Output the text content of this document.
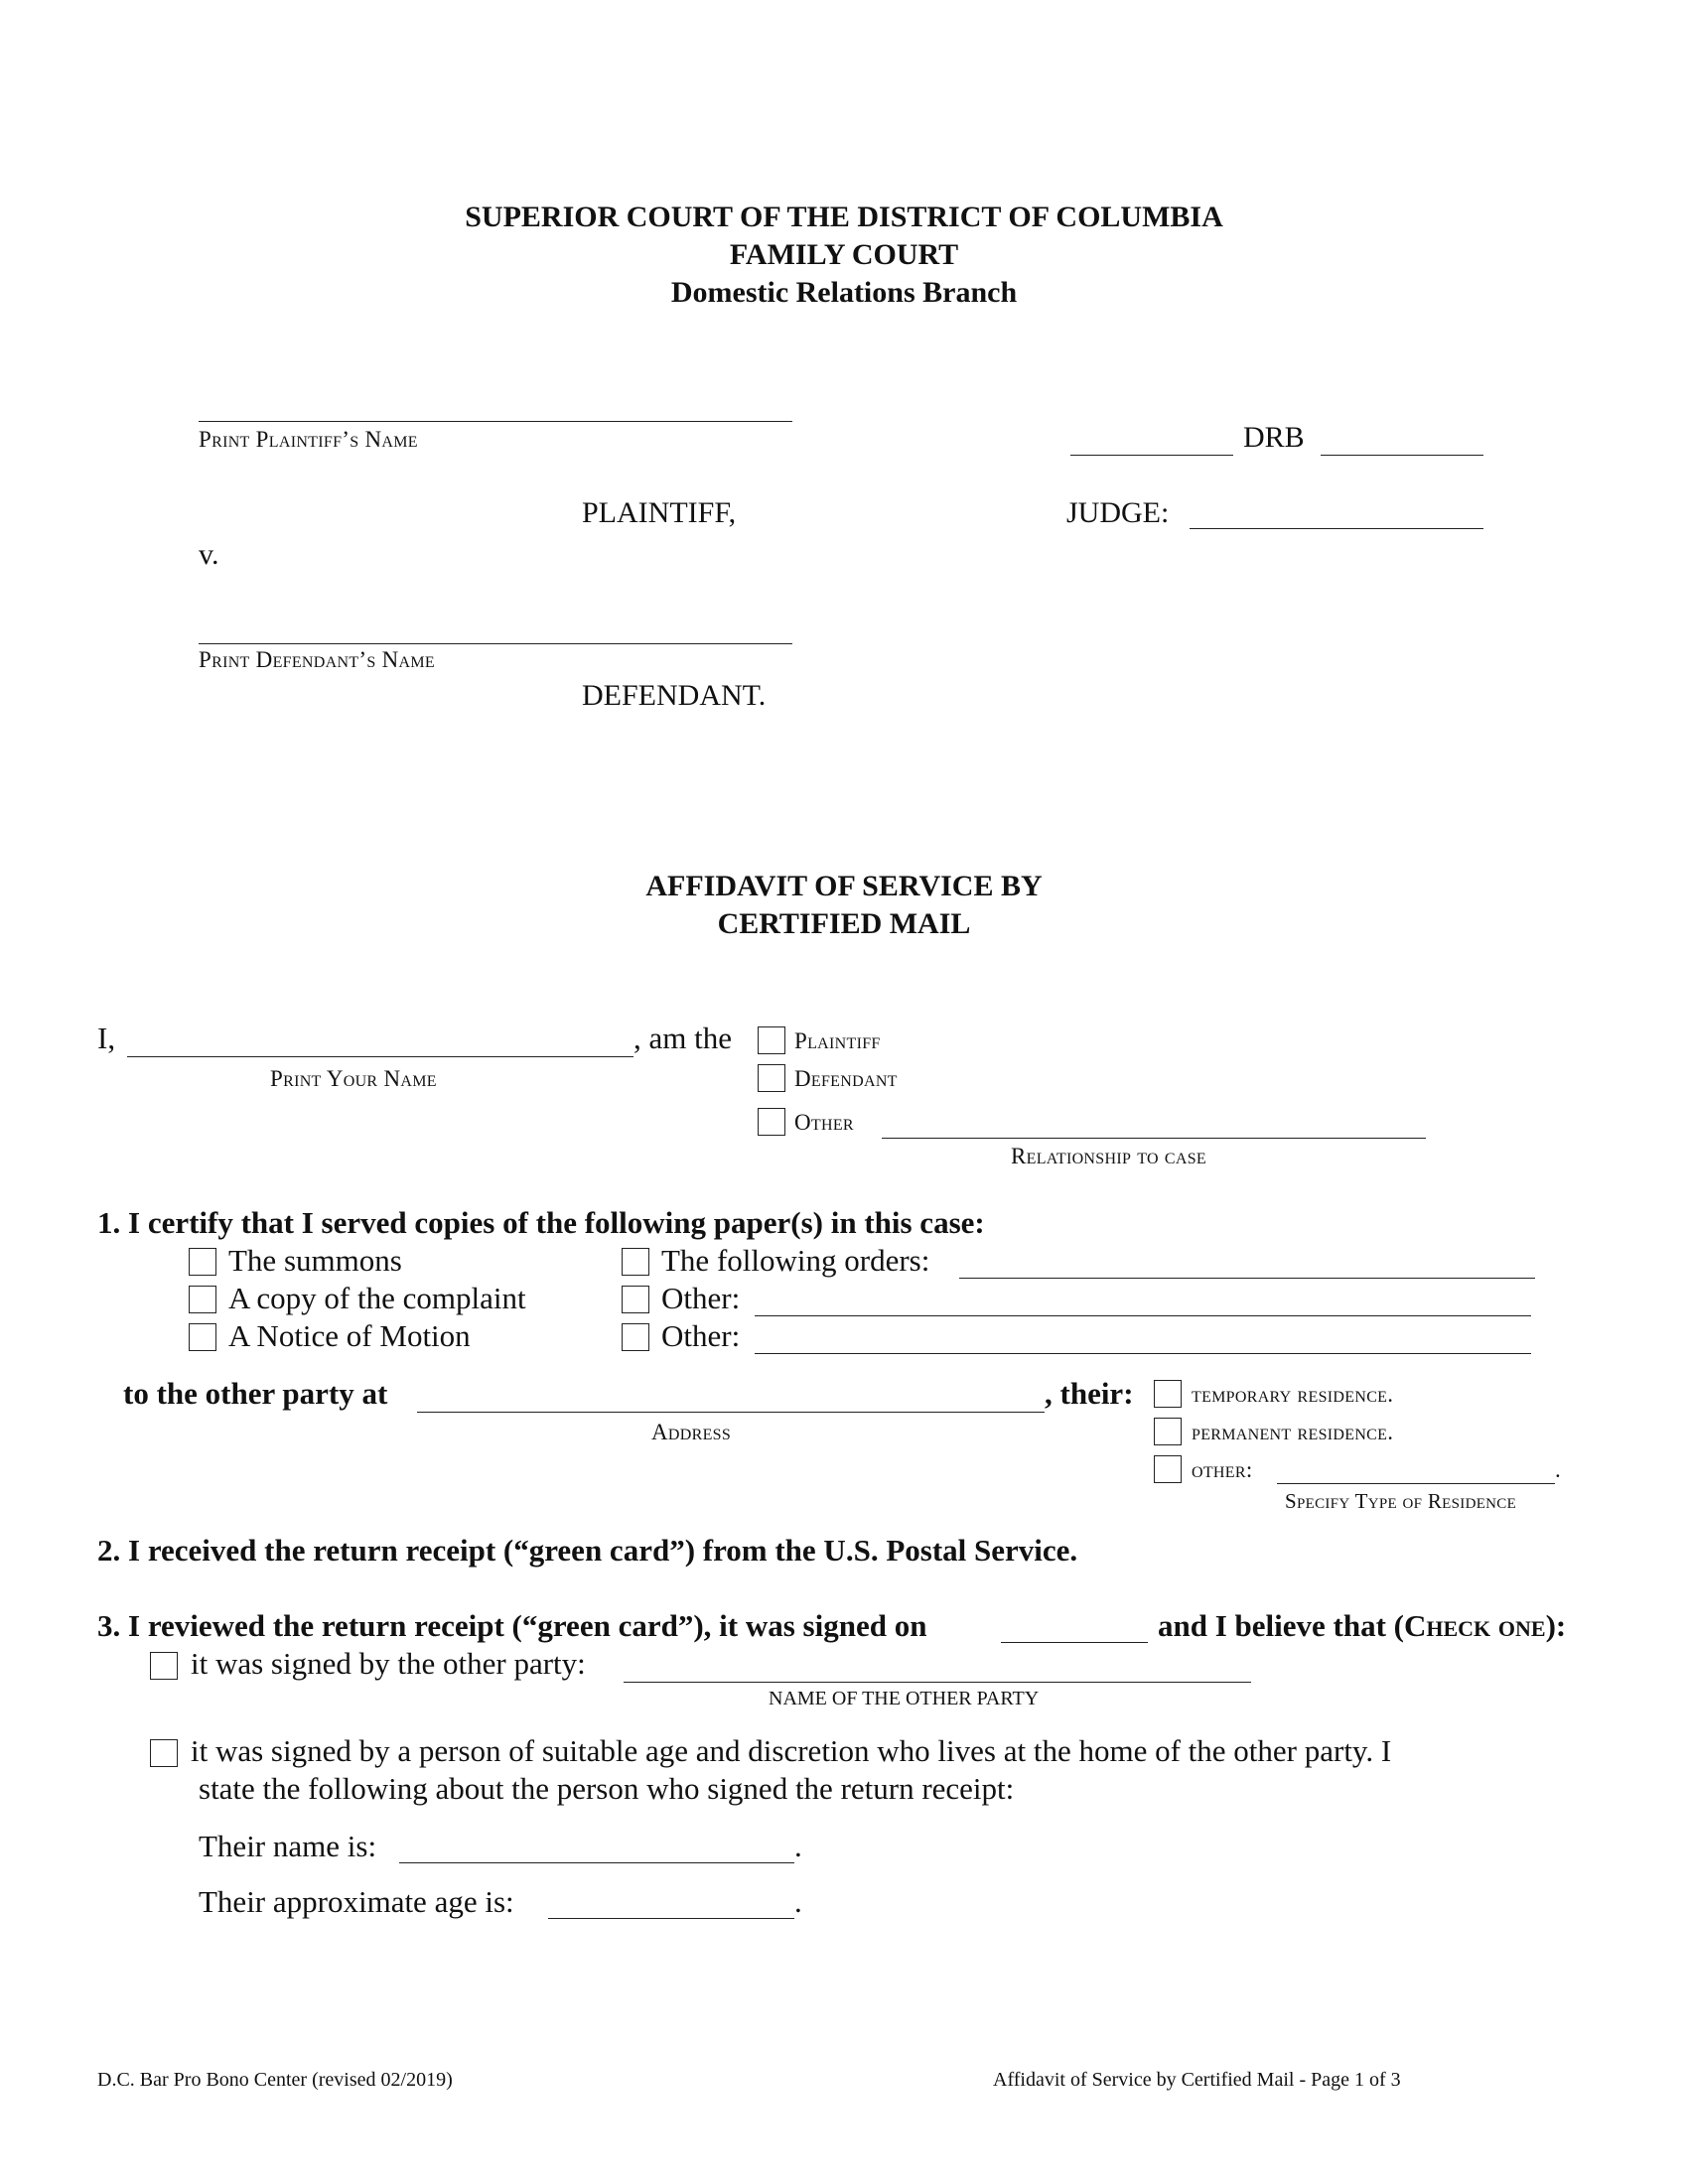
SUPERIOR COURT OF THE DISTRICT OF COLUMBIA
FAMILY COURT
Domestic Relations Branch
Print Plaintiff’s Name
PLAINTIFF,
v.
Print Defendant’s Name
DEFENDANT.
DRB
JUDGE:
AFFIDAVIT OF SERVICE BY
CERTIFIED MAIL
I,	, am the
Print Your Name
Plaintiff
Defendant
Other
Relationship to case
1. I certify that I served copies of the following paper(s) in this case:
The summons
A copy of the complaint
A Notice of Motion
The following orders:
Other:
Other:
to the other party at	, their:
Address
temporary residence.
permanent residence.
other:	.
Specify Type of Residence
2. I received the return receipt (“green card”) from the U.S. Postal Service.
3. I reviewed the return receipt (“green card”), it was signed on	and I believe that (Check one):
it was signed by the other party:
NAME OF THE OTHER PARTY
it was signed by a person of suitable age and discretion who lives at the home of the other party. I
state the following about the person who signed the return receipt:
Their name is:	.
Their approximate age is:	.
D.C. Bar Pro Bono Center (revised 02/2019)	Affidavit of Service by Certified Mail - Page 1 of 3
